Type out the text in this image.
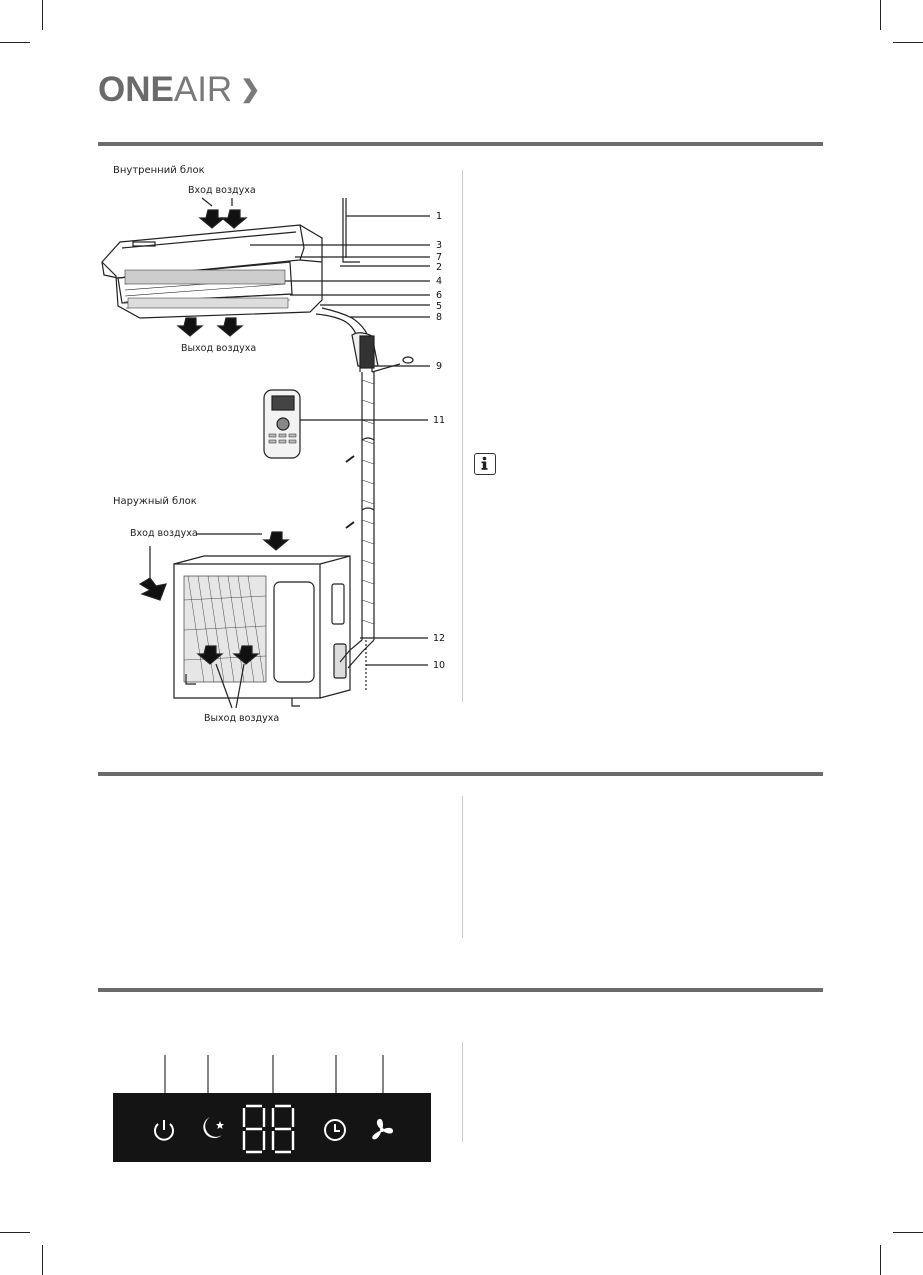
ONEAIR ❯
Внутренний блок
Вход воздуха
Выход воздуха
Наружный блок
Вход воздуха
Выход воздуха
1
3
7
2
4
6
5
8
9
11
12
10
